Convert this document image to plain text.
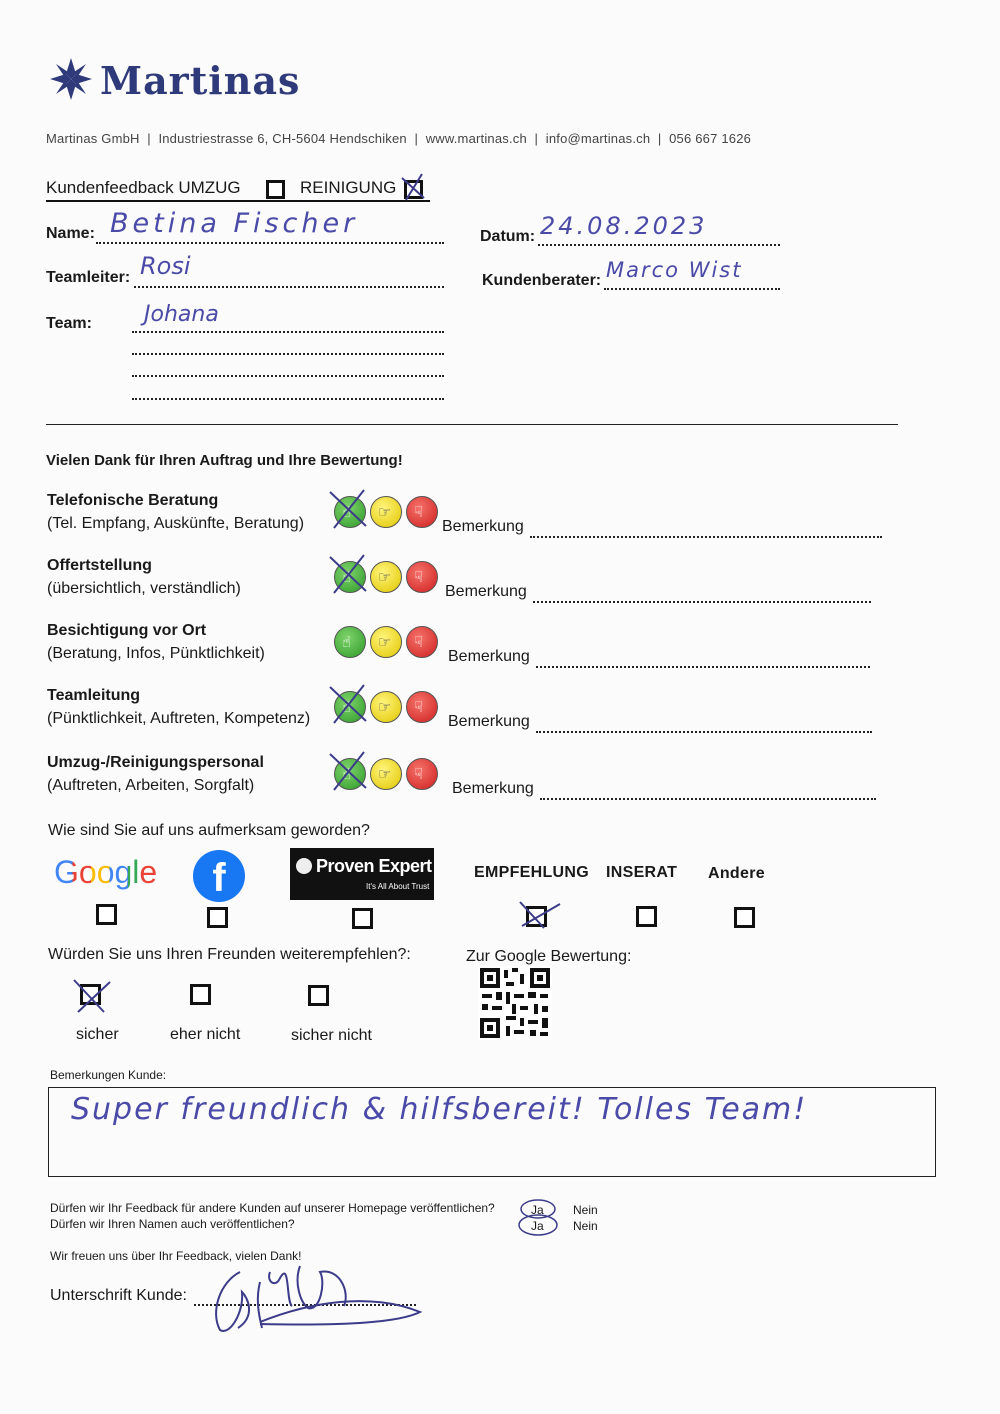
Martinas
Martinas GmbH  |  Industriestrasse 6, CH-5604 Hendschiken  |  www.martinas.ch  |  info@martinas.ch  |  056 667 1626
Kundenfeedback UMZUG	REINIGUNG
Name: Betina Fischer	Datum: 24.08.2023
Teamleiter: Rosi
Kundenberater: Marco Wist
Team: Johana
Vielen Dank für Ihren Auftrag und Ihre Bewertung!
Telefonische Beratung
(Tel. Empfang, Auskünfte, Beratung)
☝ ☞ ☟
Bemerkung
Offertstellung
(übersichtlich, verständlich)
☝ ☞ ☟
Bemerkung
Besichtigung vor Ort
(Beratung, Infos, Pünktlichkeit)
☝ ☞ ☟
Bemerkung
Teamleitung
(Pünktlichkeit, Auftreten, Kompetenz)
☝ ☞ ☟
Bemerkung
Umzug-/Reinigungspersonal
(Auftreten, Arbeiten, Sorgfalt)
☝ ☞ ☟
Bemerkung
Wie sind Sie auf uns aufmerksam geworden?
Google	f	Proven Expert
It's All About Trust
EMPFEHLUNG INSERAT Andere
Würden Sie uns Ihren Freunden weiterempfehlen?:	Zur Google Bewertung:
sicher	eher nicht	sicher nicht
Bemerkungen Kunde:
Super freundlich & hilfsbereit! Tolles Team!
Dürfen wir Ihr Feedback für andere Kunden auf unserer Homepage veröffentlichen?
Dürfen wir Ihren Namen auch veröffentlichen?
Ja Nein
Ja Nein
Wir freuen uns über Ihr Feedback, vielen Dank!
Unterschrift Kunde:
